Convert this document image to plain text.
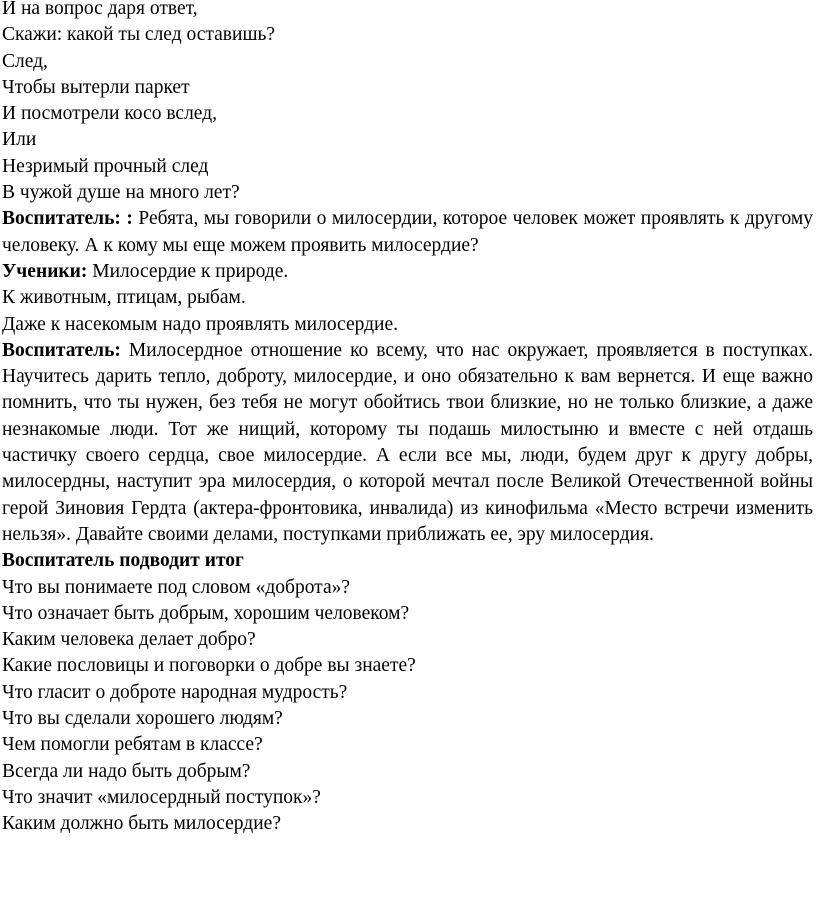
И на вопрос даря ответ,
Скажи: какой ты след оставишь?
След,
Чтобы вытерли паркет
И посмотрели косо вслед,
Или
Незримый прочный след
В чужой душе на много лет?

Воспитатель: : Ребята, мы говорили о милосердии, которое человек может проявлять к другому человеку. А к кому мы еще можем проявить милосердие?

Ученики: Милосердие к природе.

К животным, птицам, рыбам.
Даже к насекомым надо проявлять милосердие.

Воспитатель: Милосердное отношение ко всему, что нас окружает, проявляется в поступках. Научитесь дарить тепло, доброту, милосердие, и оно обязательно к вам вернется. И еще важно помнить, что ты нужен, без тебя не могут обойтись твои близкие, но не только близкие, а даже незнакомые люди. Тот же нищий, которому ты подашь милостыню и вместе с ней отдашь частичку своего сердца, свое милосердие. А если все мы, люди, будем друг к другу добры, милосердны, наступит эра милосердия, о которой мечтал после Великой Отечественной войны герой Зиновия Гердта (актера-фронтовика, инвалида) из кинофильма «Место встречи изменить нельзя». Давайте своими делами, поступками приближать ее, эру милосердия.

Воспитатель подводит итог
Что вы понимаете под словом «доброта»?
Что означает быть добрым, хорошим человеком?
Каким человека делает добро?
Какие пословицы и поговорки о добре вы знаете?
Что гласит о доброте народная мудрость?
Что вы сделали хорошего людям?
Чем помогли ребятам в классе?
Всегда ли надо быть добрым?
Что значит «милосердный поступок»?
Каким должно быть милосердие?
